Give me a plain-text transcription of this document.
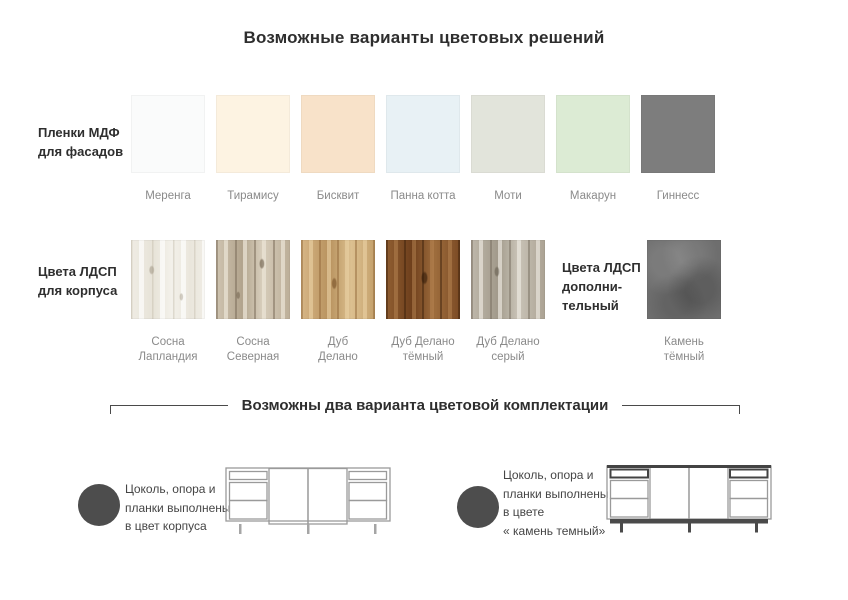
Возможные варианты цветовых решений
Пленки МДФ
для фасадов
Меренга	Тирамису	Бисквит	Панна котта	Моти	Макарун	Гиннесс
Цвета ЛДСП
для корпуса
Сосна
Лапландия
Сосна
Северная
Дуб
Делано
Дуб Делано
тёмный
Дуб Делано
серый
Цвета ЛДСП
дополни-
тельный
Камень
тёмный
Возможны два варианта цветовой комплектации
Цоколь, опора и
планки выполнены
в цвет корпуса
Цоколь, опора и
планки выполнены
в цвете
« камень темный»
